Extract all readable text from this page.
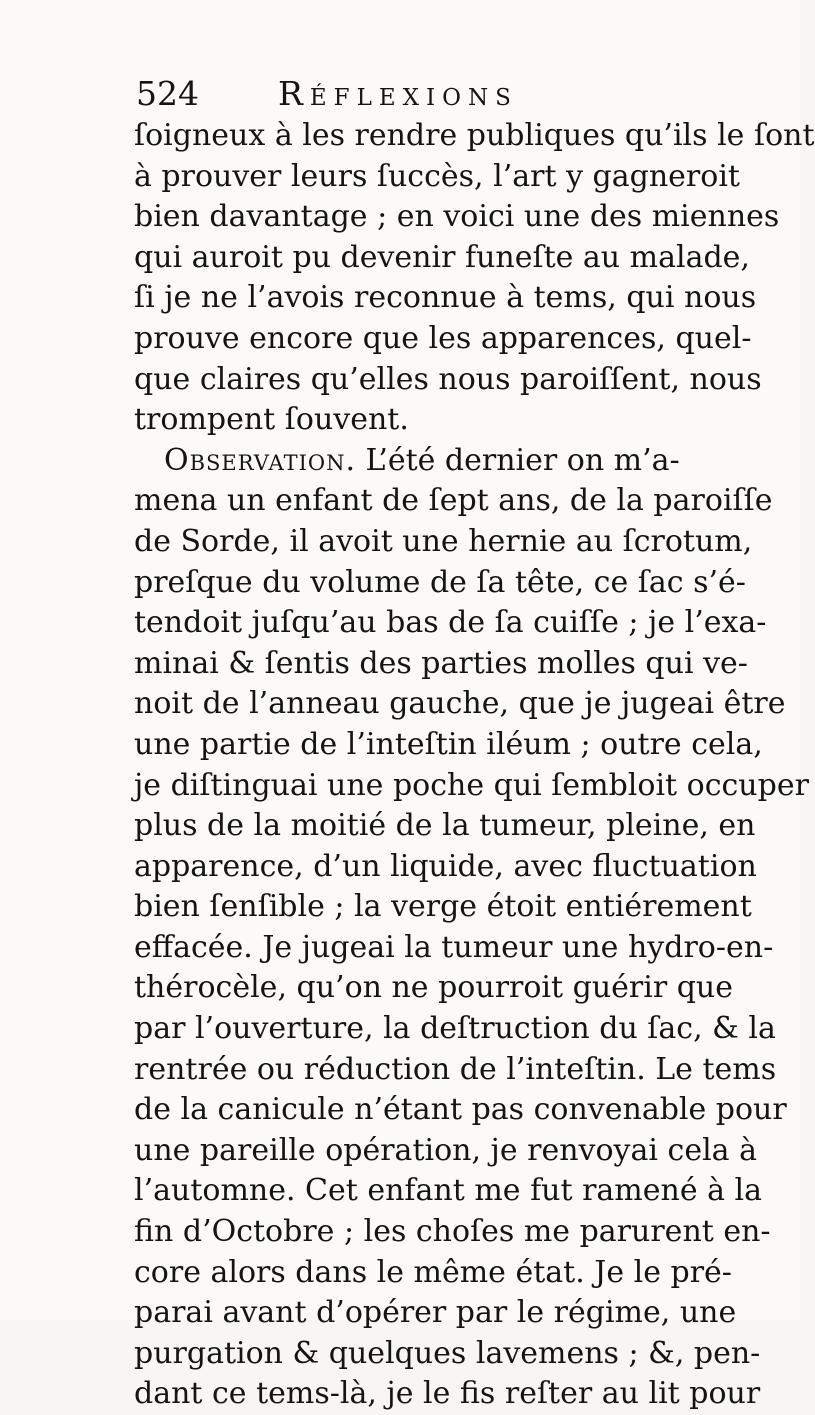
524 Réflexions
ſoigneux à les rendre publiques qu’ils le ſont
à prouver leurs ſuccès, l’art y gagneroit
bien davantage ; en voici une des miennes
qui auroit pu devenir funeſte au malade,
ſi je ne l’avois reconnue à tems, qui nous
prouve encore que les apparences, quel-
que claires qu’elles nous paroiſſent, nous
trompent ſouvent.
Observation. L’été dernier on m’a-
mena un enfant de ſept ans, de la paroiſſe
de Sorde, il avoit une hernie au ſcrotum,
preſque du volume de ſa tête, ce ſac s’é-
tendoit juſqu’au bas de ſa cuiſſe ; je l’exa-
minai & ſentis des parties molles qui ve-
noit de l’anneau gauche, que je jugeai être
une partie de l’inteſtin iléum ; outre cela,
je diſtinguai une poche qui ſembloit occuper
plus de la moitié de la tumeur, pleine, en
apparence, d’un liquide, avec fluctuation
bien ſenſible ; la verge étoit entiérement
effacée. Je jugeai la tumeur une hydro-en-
thérocèle, qu’on ne pourroit guérir que
par l’ouverture, la deſtruction du ſac, & la
rentrée ou réduction de l’inteſtin. Le tems
de la canicule n’étant pas convenable pour
une pareille opération, je renvoyai cela à
l’automne. Cet enfant me fut ramené à la
fin d’Octobre ; les choſes me parurent en-
core alors dans le même état. Je le pré-
parai avant d’opérer par le régime, une
purgation & quelques lavemens ; &, pen-
dant ce tems-là, je le fis reſter au lit pour
